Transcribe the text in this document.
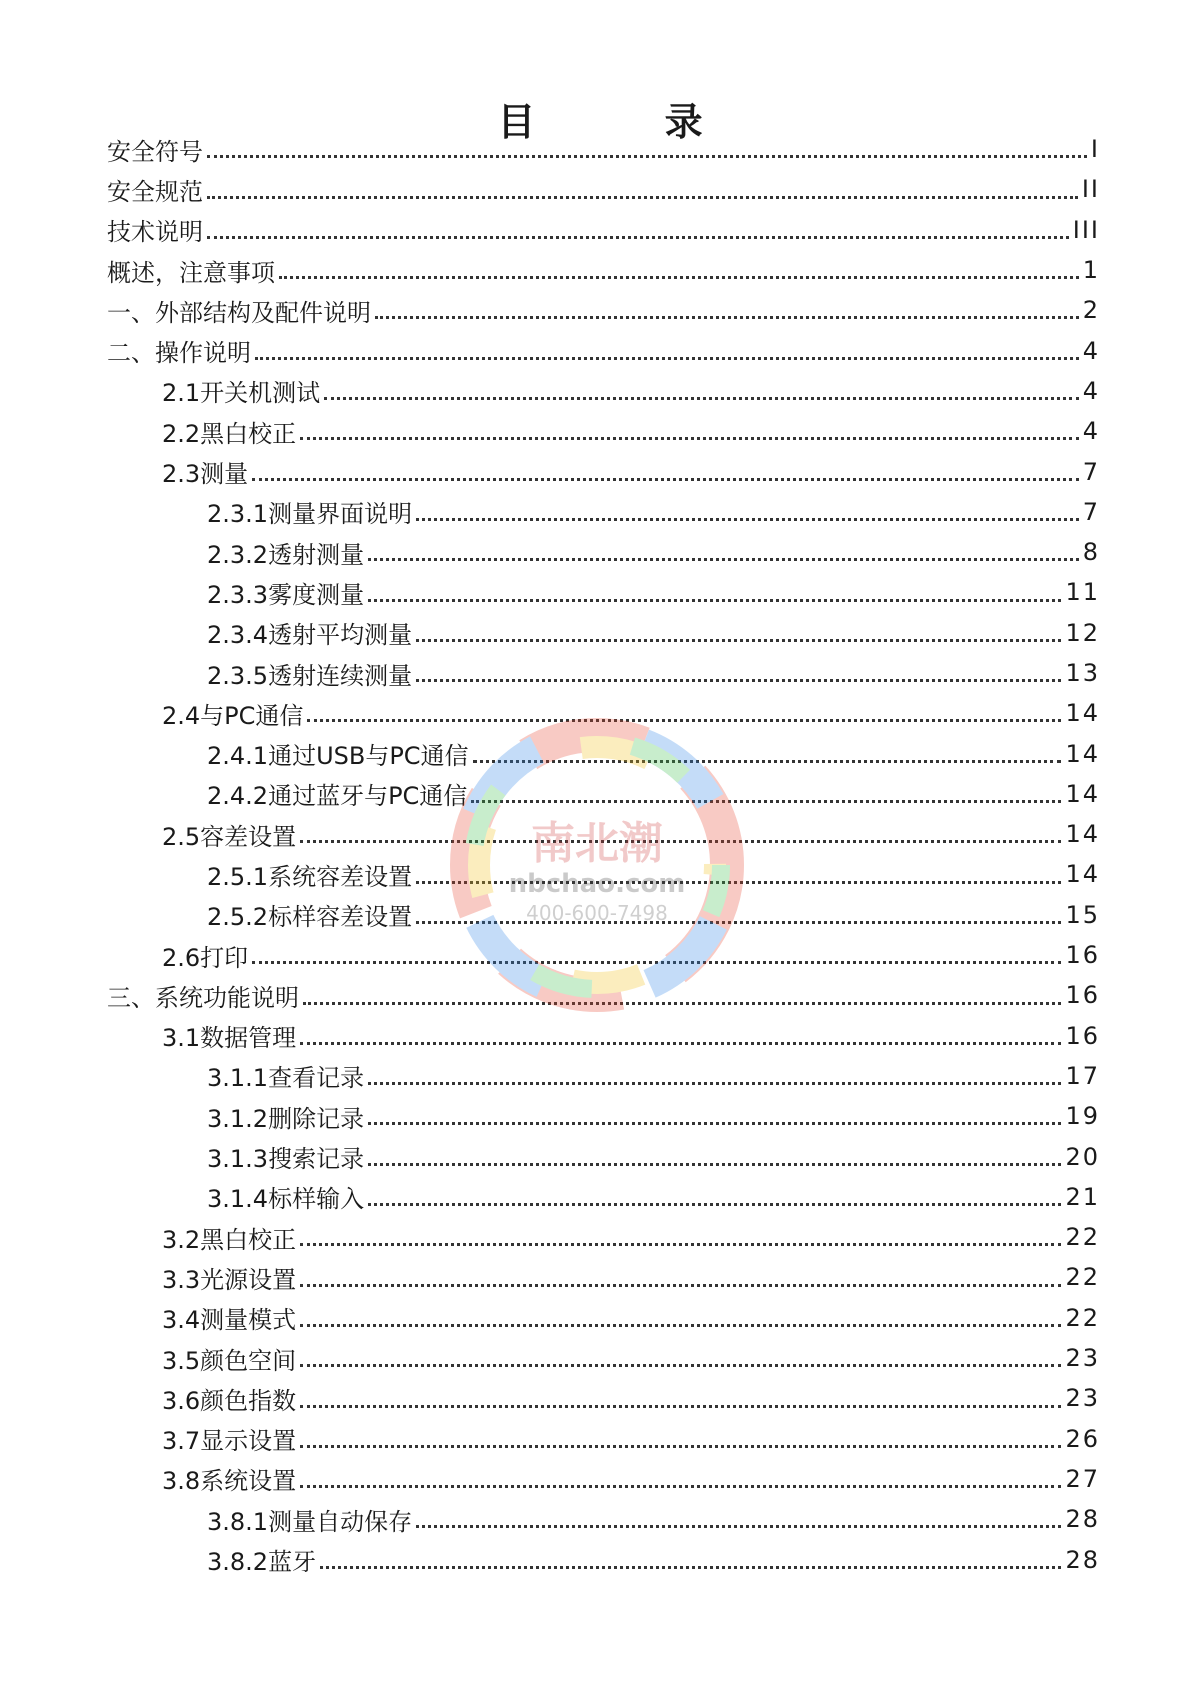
目 录
安全符号	I
安全规范	II
技术说明	III
概述，注意事项	1
一、外部结构及配件说明	2
二、操作说明	4
2.1开关机测试	4
2.2黑白校正	4
2.3测量	7
2.3.1测量界面说明	7
2.3.2透射测量	8
2.3.3雾度测量	11
2.3.4透射平均测量	12
2.3.5透射连续测量	13
2.4与PC通信	14
2.4.1通过USB与PC通信	14
2.4.2通过蓝牙与PC通信	14
2.5容差设置	14
2.5.1系统容差设置	14
2.5.2标样容差设置	15
2.6打印	16
三、系统功能说明	16
3.1数据管理	16
3.1.1查看记录	17
3.1.2删除记录	19
3.1.3搜索记录	20
3.1.4标样输入	21
3.2黑白校正	22
3.3光源设置	22
3.4测量模式	22
3.5颜色空间	23
3.6颜色指数	23
3.7显示设置	26
3.8系统设置	27
3.8.1测量自动保存	28
3.8.2蓝牙	28
南北潮
nbchao.com
400-600-7498
